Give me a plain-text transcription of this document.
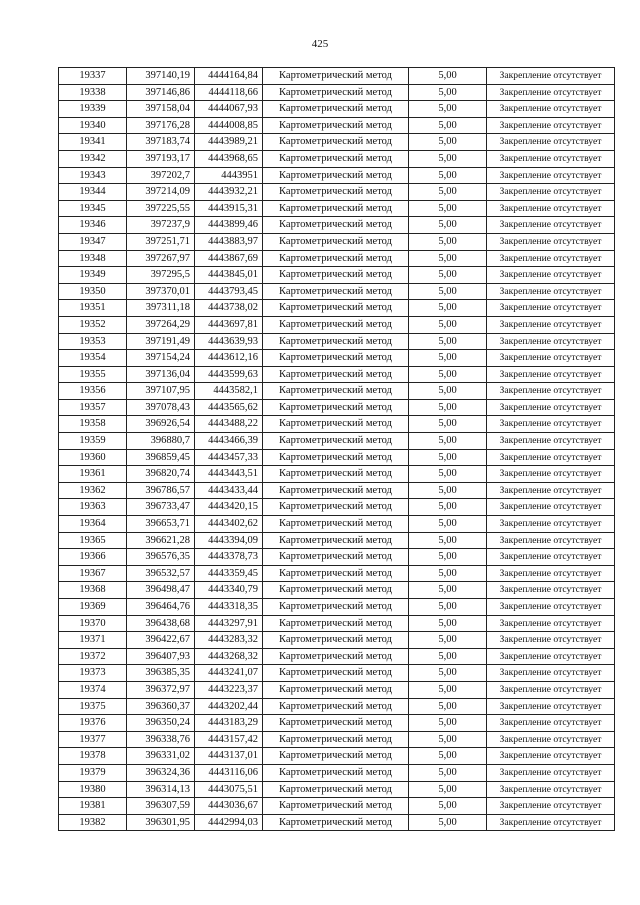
425
19337	397140,19	4444164,84	Картометрический метод	5,00	Закрепление отсутствует
19338	397146,86	4444118,66	Картометрический метод	5,00	Закрепление отсутствует
19339	397158,04	4444067,93	Картометрический метод	5,00	Закрепление отсутствует
19340	397176,28	4444008,85	Картометрический метод	5,00	Закрепление отсутствует
19341	397183,74	4443989,21	Картометрический метод	5,00	Закрепление отсутствует
19342	397193,17	4443968,65	Картометрический метод	5,00	Закрепление отсутствует
19343	397202,7	4443951	Картометрический метод	5,00	Закрепление отсутствует
19344	397214,09	4443932,21	Картометрический метод	5,00	Закрепление отсутствует
19345	397225,55	4443915,31	Картометрический метод	5,00	Закрепление отсутствует
19346	397237,9	4443899,46	Картометрический метод	5,00	Закрепление отсутствует
19347	397251,71	4443883,97	Картометрический метод	5,00	Закрепление отсутствует
19348	397267,97	4443867,69	Картометрический метод	5,00	Закрепление отсутствует
19349	397295,5	4443845,01	Картометрический метод	5,00	Закрепление отсутствует
19350	397370,01	4443793,45	Картометрический метод	5,00	Закрепление отсутствует
19351	397311,18	4443738,02	Картометрический метод	5,00	Закрепление отсутствует
19352	397264,29	4443697,81	Картометрический метод	5,00	Закрепление отсутствует
19353	397191,49	4443639,93	Картометрический метод	5,00	Закрепление отсутствует
19354	397154,24	4443612,16	Картометрический метод	5,00	Закрепление отсутствует
19355	397136,04	4443599,63	Картометрический метод	5,00	Закрепление отсутствует
19356	397107,95	4443582,1	Картометрический метод	5,00	Закрепление отсутствует
19357	397078,43	4443565,62	Картометрический метод	5,00	Закрепление отсутствует
19358	396926,54	4443488,22	Картометрический метод	5,00	Закрепление отсутствует
19359	396880,7	4443466,39	Картометрический метод	5,00	Закрепление отсутствует
19360	396859,45	4443457,33	Картометрический метод	5,00	Закрепление отсутствует
19361	396820,74	4443443,51	Картометрический метод	5,00	Закрепление отсутствует
19362	396786,57	4443433,44	Картометрический метод	5,00	Закрепление отсутствует
19363	396733,47	4443420,15	Картометрический метод	5,00	Закрепление отсутствует
19364	396653,71	4443402,62	Картометрический метод	5,00	Закрепление отсутствует
19365	396621,28	4443394,09	Картометрический метод	5,00	Закрепление отсутствует
19366	396576,35	4443378,73	Картометрический метод	5,00	Закрепление отсутствует
19367	396532,57	4443359,45	Картометрический метод	5,00	Закрепление отсутствует
19368	396498,47	4443340,79	Картометрический метод	5,00	Закрепление отсутствует
19369	396464,76	4443318,35	Картометрический метод	5,00	Закрепление отсутствует
19370	396438,68	4443297,91	Картометрический метод	5,00	Закрепление отсутствует
19371	396422,67	4443283,32	Картометрический метод	5,00	Закрепление отсутствует
19372	396407,93	4443268,32	Картометрический метод	5,00	Закрепление отсутствует
19373	396385,35	4443241,07	Картометрический метод	5,00	Закрепление отсутствует
19374	396372,97	4443223,37	Картометрический метод	5,00	Закрепление отсутствует
19375	396360,37	4443202,44	Картометрический метод	5,00	Закрепление отсутствует
19376	396350,24	4443183,29	Картометрический метод	5,00	Закрепление отсутствует
19377	396338,76	4443157,42	Картометрический метод	5,00	Закрепление отсутствует
19378	396331,02	4443137,01	Картометрический метод	5,00	Закрепление отсутствует
19379	396324,36	4443116,06	Картометрический метод	5,00	Закрепление отсутствует
19380	396314,13	4443075,51	Картометрический метод	5,00	Закрепление отсутствует
19381	396307,59	4443036,67	Картометрический метод	5,00	Закрепление отсутствует
19382	396301,95	4442994,03	Картометрический метод	5,00	Закрепление отсутствует
